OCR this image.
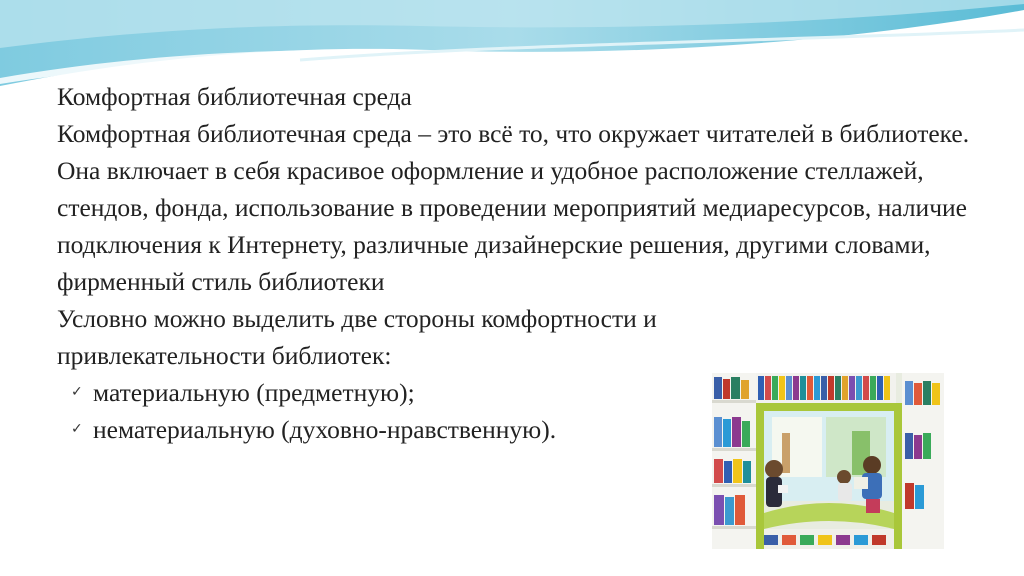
Комфортная библиотечная среда

Комфортная библиотечная среда – это всё то, что окружает читателей в библиотеке. Она включает в себя красивое оформление и удобное расположение стеллажей, стендов, фонда, использование в проведении мероприятий медиаресурсов, наличие подключения к Интернету, различные дизайнерские решения, другими словами, фирменный стиль библиотеки

Условно можно выделить две стороны комфортности и привлекательности библиотек:

✓ материальную (предметную);
✓ нематериальную (духовно-нравственную).
